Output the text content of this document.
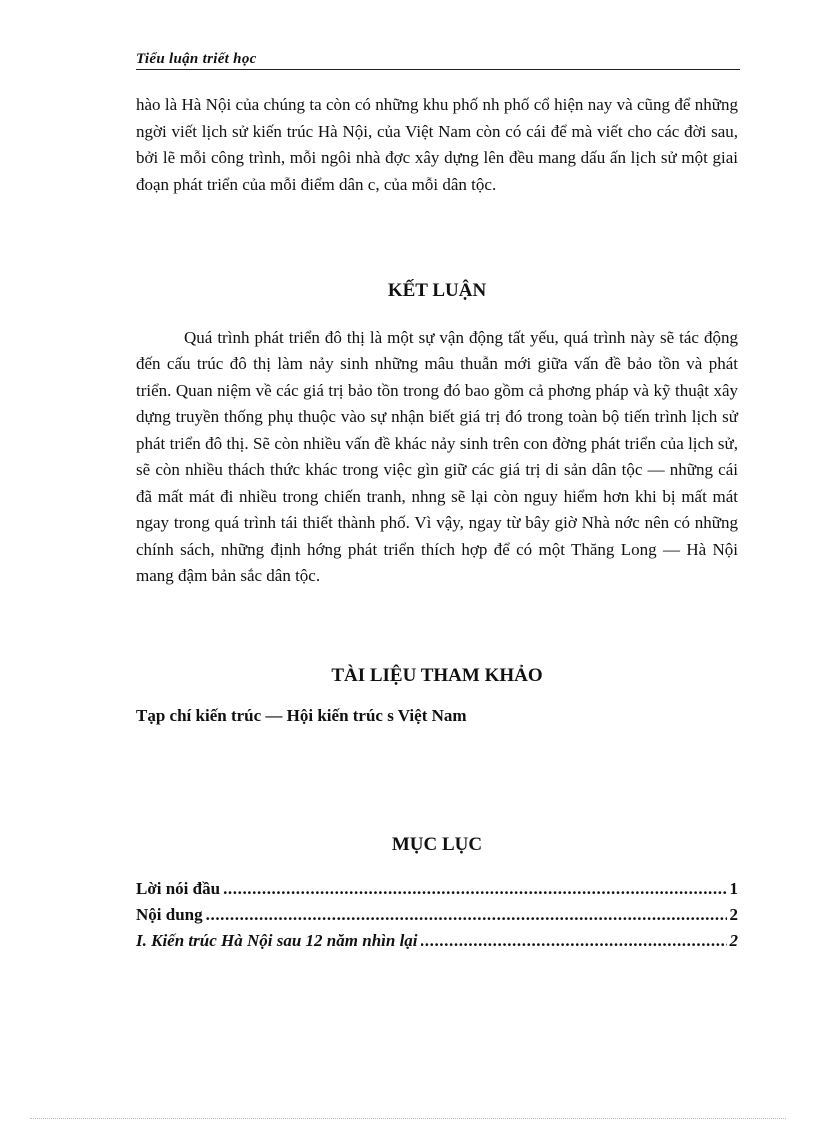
Tiểu luận triết học

hào là Hà Nội của chúng ta còn có những khu phố nh phố cổ hiện nay và cũng để những ngời viết lịch sử kiến trúc Hà Nội, của Việt Nam còn có cái để mà viết cho các đời sau, bởi lẽ mỗi công trình, mỗi ngôi nhà đợc xây dựng lên đều mang dấu ấn lịch sử một giai đoạn phát triển của mỗi điểm dân c, của mỗi dân tộc.

KẾT LUẬN

Quá trình phát triển đô thị là một sự vận động tất yếu, quá trình này sẽ tác động đến cấu trúc đô thị làm nảy sinh những mâu thuẫn mới giữa vấn đề bảo tồn và phát triển. Quan niệm về các giá trị bảo tồn trong đó bao gồm cả phơng pháp và kỹ thuật xây dựng truyền thống phụ thuộc vào sự nhận biết giá trị đó trong toàn bộ tiến trình lịch sử phát triển đô thị. Sẽ còn nhiều vấn đề khác nảy sinh trên con đờng phát triển của lịch sử, sẽ còn nhiều thách thức khác trong việc gìn giữ các giá trị di sản dân tộc — những cái đã mất mát đi nhiều trong chiến tranh, nhng sẽ lại còn nguy hiểm hơn khi bị mất mát ngay trong quá trình tái thiết thành phố. Vì vậy, ngay từ bây giờ Nhà nớc nên có những chính sách, những định hớng phát triển thích hợp để có một Thăng Long — Hà Nội mang đậm bản sắc dân tộc.

TÀI LIỆU THAM KHẢO

Tạp chí kiến trúc — Hội kiến trúc s Việt Nam

MỤC LỤC
Lời nói đầu .....	1
Nội dung .....	2
I. Kiến trúc Hà Nội sau 12 năm nhìn lại .....	2
